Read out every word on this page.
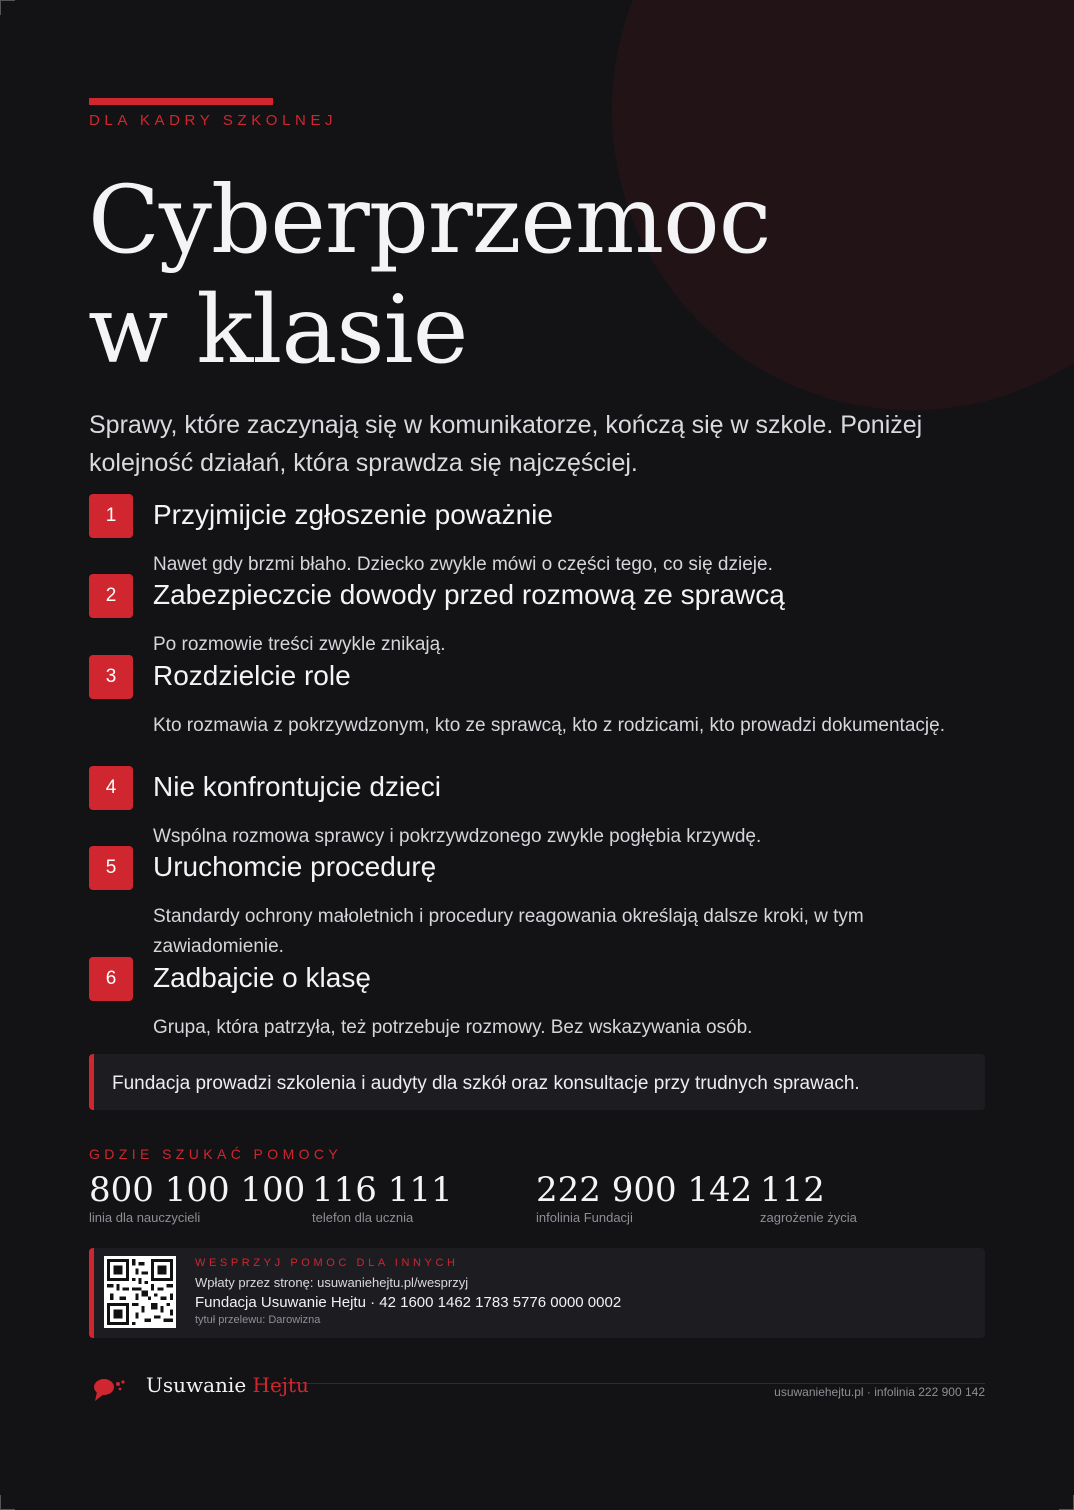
DLA KADRY SZKOLNEJ
Cyberprzemoc
w klasie

Sprawy, które zaczynają się w komunikatorze, kończą się w szkole. Poniżej kolejność działań, która sprawdza się najczęściej.

1	Przyjmijcie zgłoszenie poważnie
Nawet gdy brzmi błaho. Dziecko zwykle mówi o części tego, co się dzieje.
2	Zabezpieczcie dowody przed rozmową ze sprawcą
Po rozmowie treści zwykle znikają.
3	Rozdzielcie role
Kto rozmawia z pokrzywdzonym, kto ze sprawcą, kto z rodzicami, kto prowadzi dokumentację.
4	Nie konfrontujcie dzieci
Wspólna rozmowa sprawcy i pokrzywdzonego zwykle pogłębia krzywdę.
5	Uruchomcie procedurę
Standardy ochrony małoletnich i procedury reagowania określają dalsze kroki, w tym zawiadomienie.
6	Zadbajcie o klasę
Grupa, która patrzyła, też potrzebuje rozmowy. Bez wskazywania osób.
Fundacja prowadzi szkolenia i audyty dla szkół oraz konsultacje przy trudnych sprawach.
GDZIE SZUKAĆ POMOCY
800 100 100
linia dla nauczycieli
116 111
telefon dla ucznia
222 900 142
infolinia Fundacji
112
zagrożenie życia
WESPRZYJ POMOC DLA INNYCH
Wpłaty przez stronę: usuwaniehejtu.pl/wesprzyj
Fundacja Usuwanie Hejtu · 42 1600 1462 1783 5776 0000 0002
tytuł przelewu: Darowizna
Usuwanie Hejtu	usuwaniehejtu.pl · infolinia 222 900 142
